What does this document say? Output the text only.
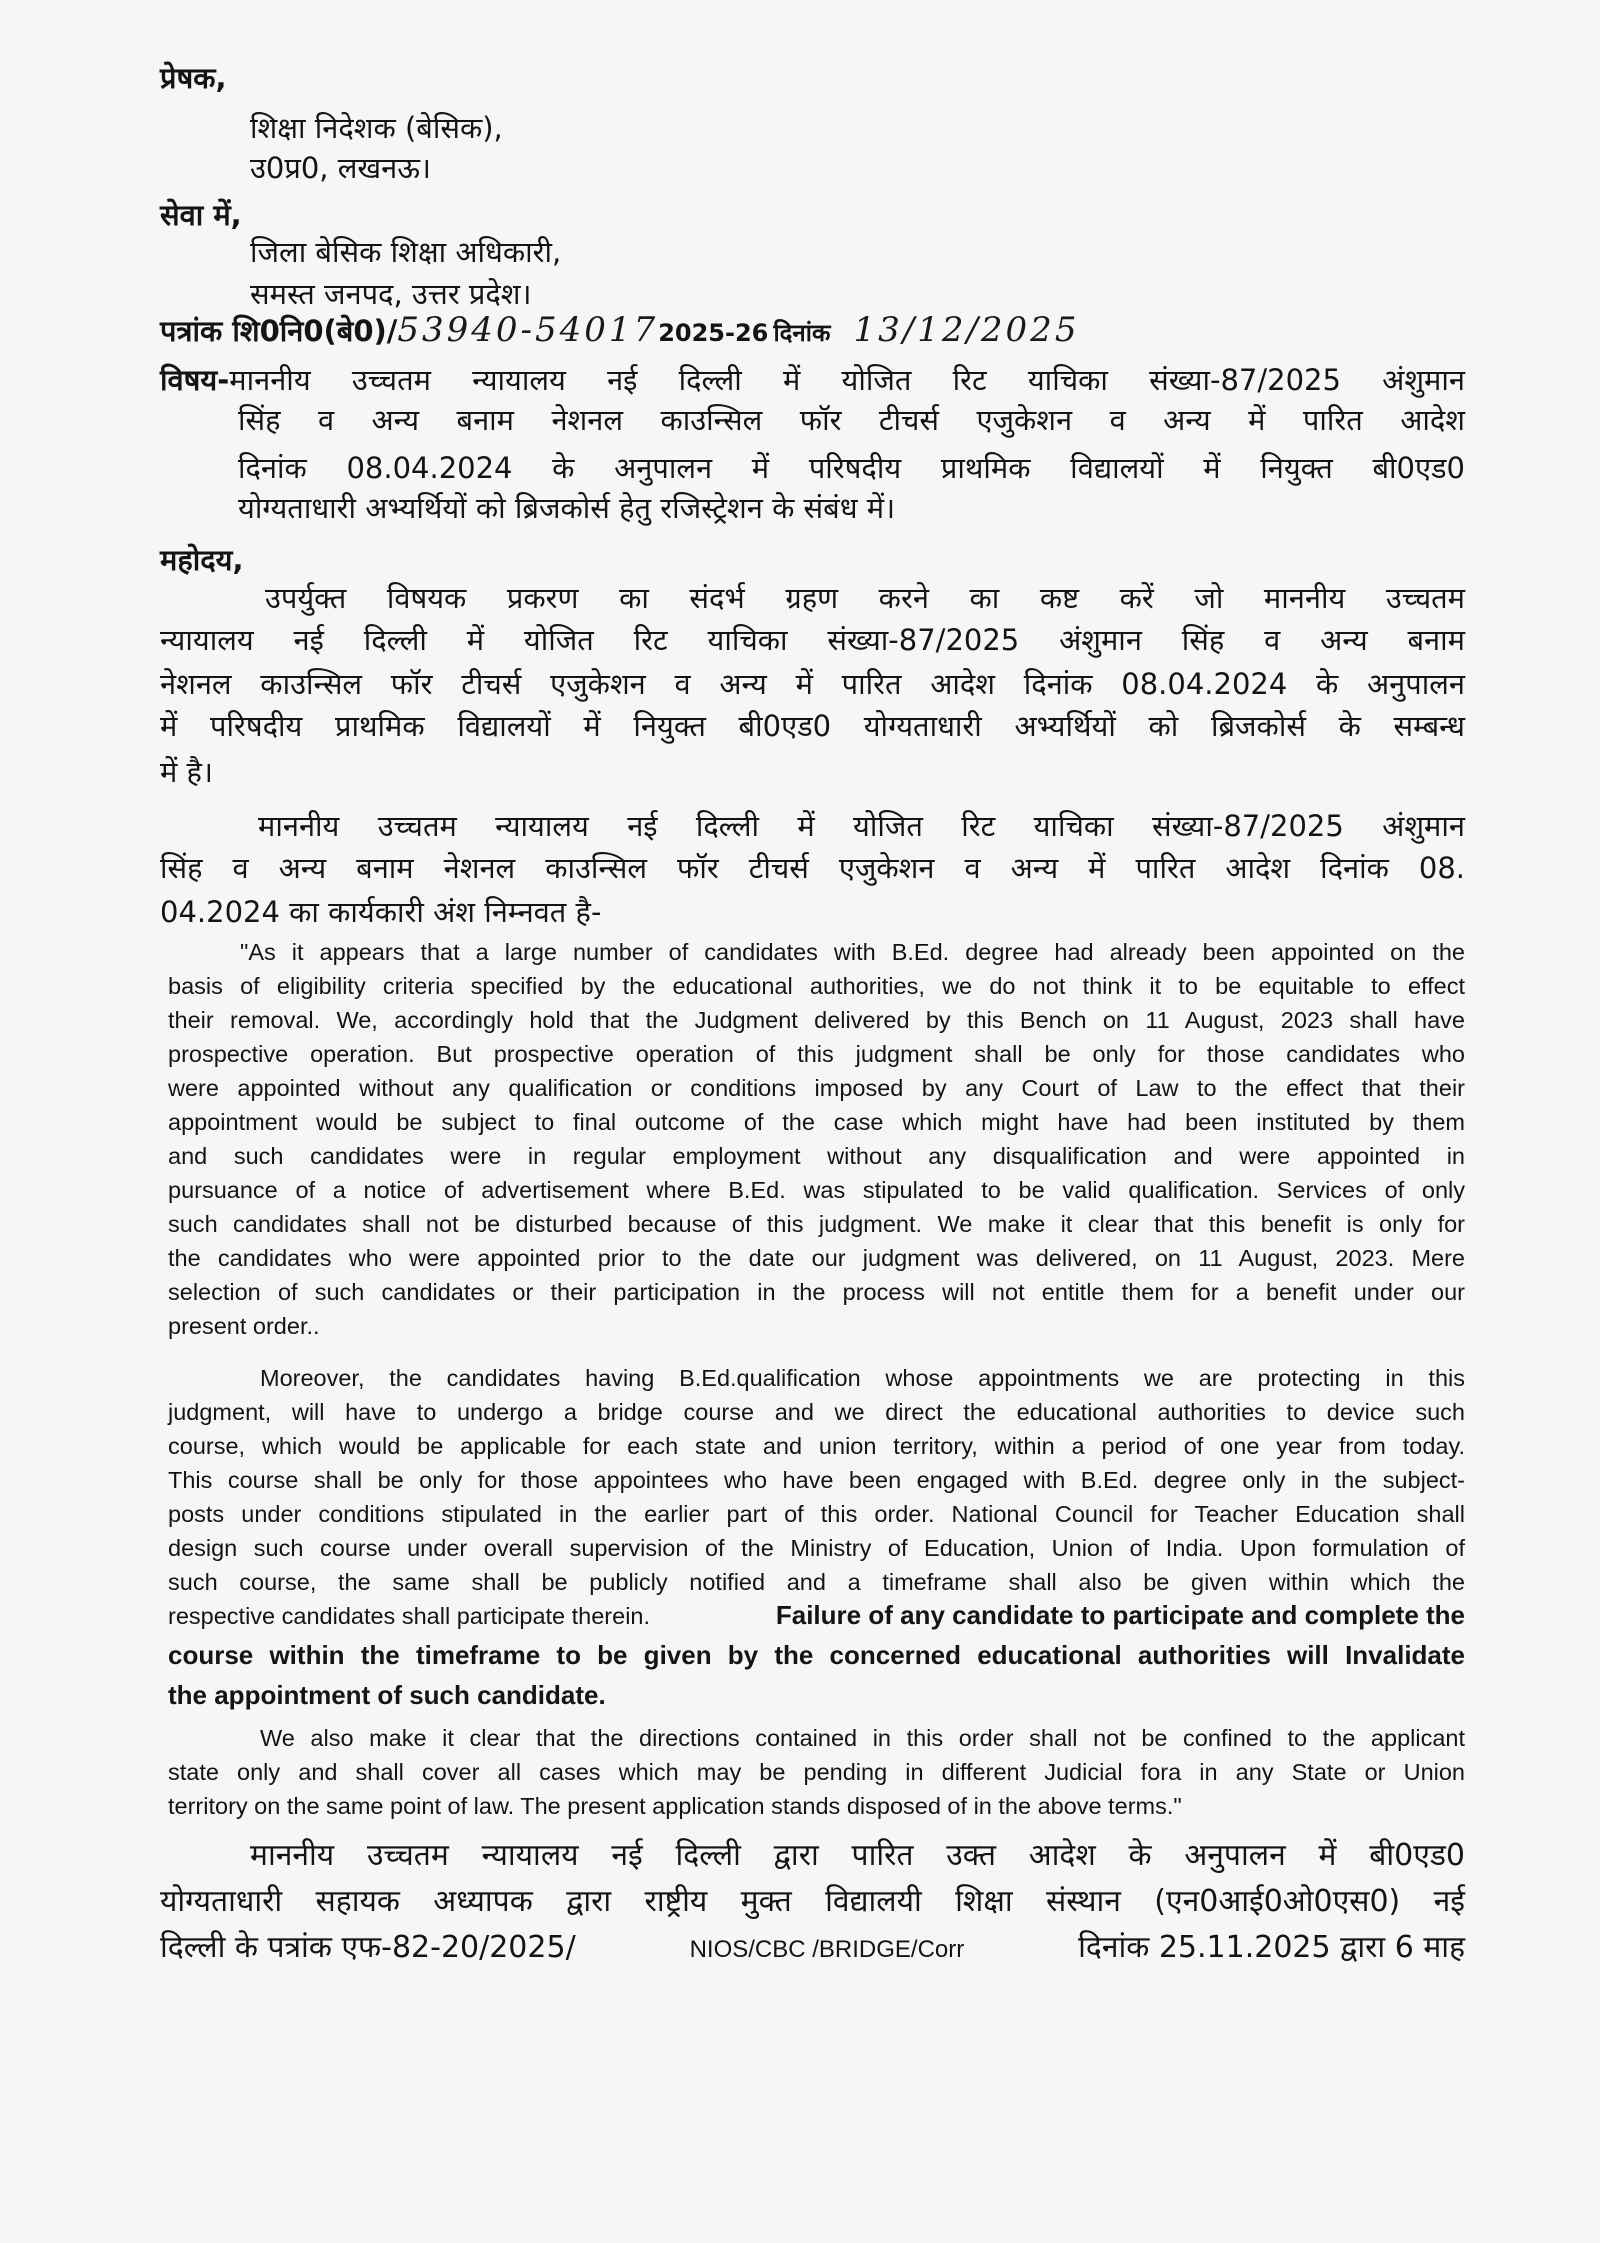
प्रेषक,
शिक्षा निदेशक (बेसिक),
उ0प्र0, लखनऊ।
सेवा में,
जिला बेसिक शिक्षा अधिकारी,
समस्त जनपद, उत्तर प्रदेश।
पत्रांक शि0नि0(बे0)/53940-540172025-26 दिनांक 13/12/2025
विषय-माननीय उच्चतम न्यायालय नई दिल्ली में योजित रिट याचिका संख्या-87/2025 अंशुमान
सिंह व अन्य बनाम नेशनल काउन्सिल फॉर टीचर्स एजुकेशन व अन्य में पारित आदेश
दिनांक 08.04.2024 के अनुपालन में परिषदीय प्राथमिक विद्यालयों में नियुक्त बी0एड0
योग्यताधारी अभ्यर्थियों को ब्रिजकोर्स हेतु रजिस्ट्रेशन के संबंध में।
महोदय,
उपर्युक्त विषयक प्रकरण का संदर्भ ग्रहण करने का कष्ट करें जो माननीय उच्चतम
न्यायालय नई दिल्ली में योजित रिट याचिका संख्या-87/2025 अंशुमान सिंह व अन्य बनाम
नेशनल काउन्सिल फॉर टीचर्स एजुकेशन व अन्य में पारित आदेश दिनांक 08.04.2024 के अनुपालन
में परिषदीय प्राथमिक विद्यालयों में नियुक्त बी0एड0 योग्यताधारी अभ्यर्थियों को ब्रिजकोर्स के सम्बन्ध
में है।
माननीय उच्चतम न्यायालय नई दिल्ली में योजित रिट याचिका संख्या-87/2025 अंशुमान
सिंह व अन्य बनाम नेशनल काउन्सिल फॉर टीचर्स एजुकेशन व अन्य में पारित आदेश दिनांक 08.
04.2024 का कार्यकारी अंश निम्नवत है-
"As it appears that a large number of candidates with B.Ed. degree had already been appointed on the
basis of eligibility criteria specified by the educational authorities, we do not think it to be equitable to effect
their removal. We, accordingly hold that the Judgment delivered by this Bench on 11 August, 2023 shall have
prospective operation. But prospective operation of this judgment shall be only for those candidates who
were appointed without any qualification or conditions imposed by any Court of Law to the effect that their
appointment would be subject to final outcome of the case which might have had been instituted by them
and such candidates were in regular employment without any disqualification and were appointed in
pursuance of a notice of advertisement where B.Ed. was stipulated to be valid qualification. Services of only
such candidates shall not be disturbed because of this judgment. We make it clear that this benefit is only for
the candidates who were appointed prior to the date our judgment was delivered, on 11 August, 2023. Mere
selection of such candidates or their participation in the process will not entitle them for a benefit under our
present order..
Moreover, the candidates having B.Ed.qualification whose appointments we are protecting in this
judgment, will have to undergo a bridge course and we direct the educational authorities to device such
course, which would be applicable for each state and union territory, within a period of one year from today.
This course shall be only for those appointees who have been engaged with B.Ed. degree only in the subject-
posts under conditions stipulated in the earlier part of this order. National Council for Teacher Education shall
design such course under overall supervision of the Ministry of Education, Union of India. Upon formulation of
such course, the same shall be publicly notified and a timeframe shall also be given within which the
respective candidates shall participate therein.	Failure of any candidate to participate and complete the
course within the timeframe to be given by the concerned educational authorities will Invalidate
the appointment of such candidate.
We also make it clear that the directions contained in this order shall not be confined to the applicant
state only and shall cover all cases which may be pending in different Judicial fora in any State or Union
territory on the same point of law. The present application stands disposed of in the above terms."
माननीय उच्चतम न्यायालय नई दिल्ली द्वारा पारित उक्त आदेश के अनुपालन में बी0एड0
योग्यताधारी सहायक अध्यापक द्वारा राष्ट्रीय मुक्त विद्यालयी शिक्षा संस्थान (एन0आई0ओ0एस0) नई
दिल्ली के पत्रांक एफ-82-20/2025/	NIOS/CBC /BRIDGE/Corr	दिनांक 25.11.2025 द्वारा 6 माह
